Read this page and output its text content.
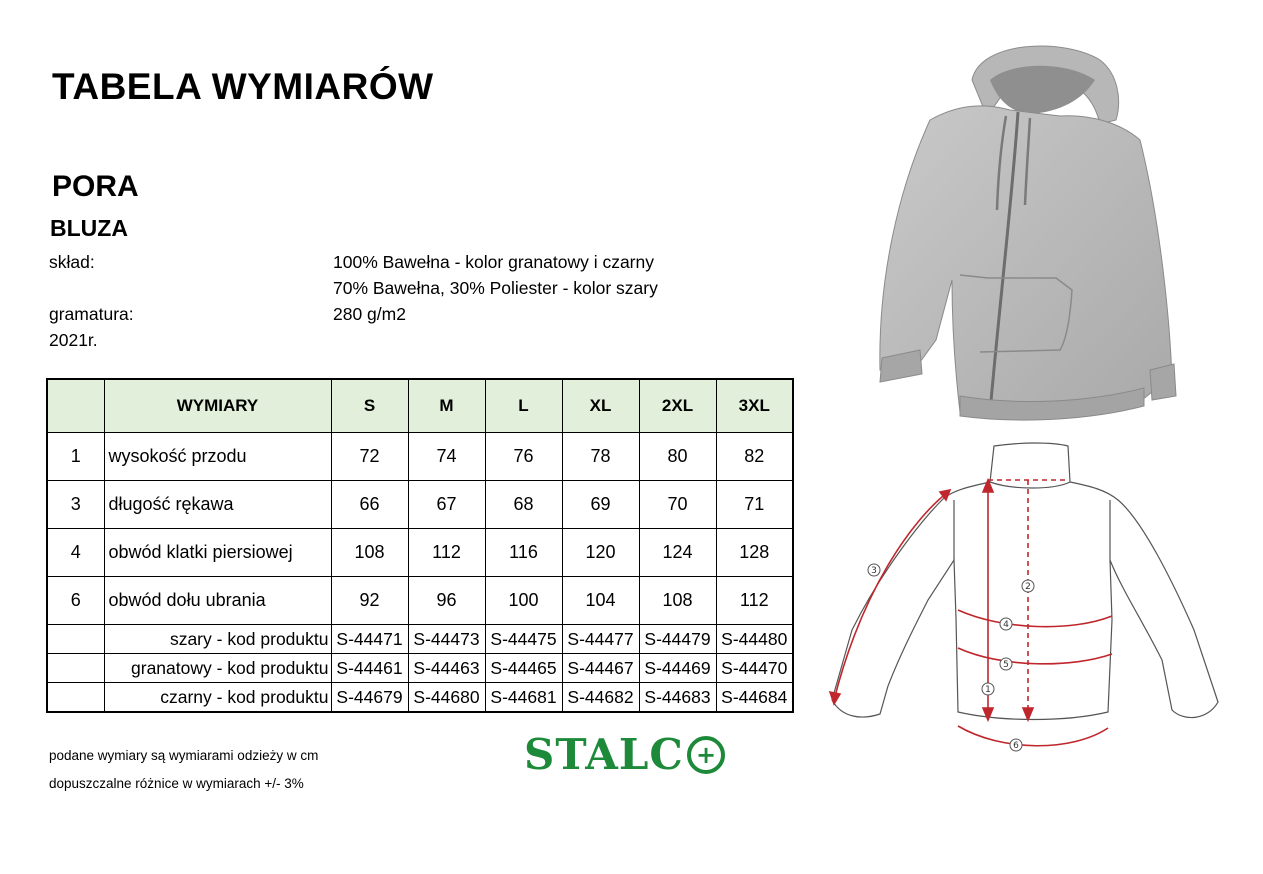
TABELA WYMIARÓW
PORA
BLUZA
skład:	100% Bawełna - kolor granatowy i czarny
70% Bawełna, 30% Poliester - kolor szary
gramatura:	280 g/m2
2021r.
	WYMIARY	S	M	L	XL	2XL	3XL
1	wysokość przodu	72	74	76	78	80	82
3	długość rękawa	66	67	68	69	70	71
4	obwód klatki piersiowej	108	112	116	120	124	128
6	obwód dołu ubrania	92	96	100	104	108	112
	szary - kod produktu	S-44471	S-44473	S-44475	S-44477	S-44479	S-44480
	granatowy - kod produktu	S-44461	S-44463	S-44465	S-44467	S-44469	S-44470
	czarny - kod produktu	S-44679	S-44680	S-44681	S-44682	S-44683	S-44684
podane wymiary są wymiarami odzieży w cm
dopuszczalne różnice w wymiarach +/- 3%
STALC +
1
2
3
4
5
6
